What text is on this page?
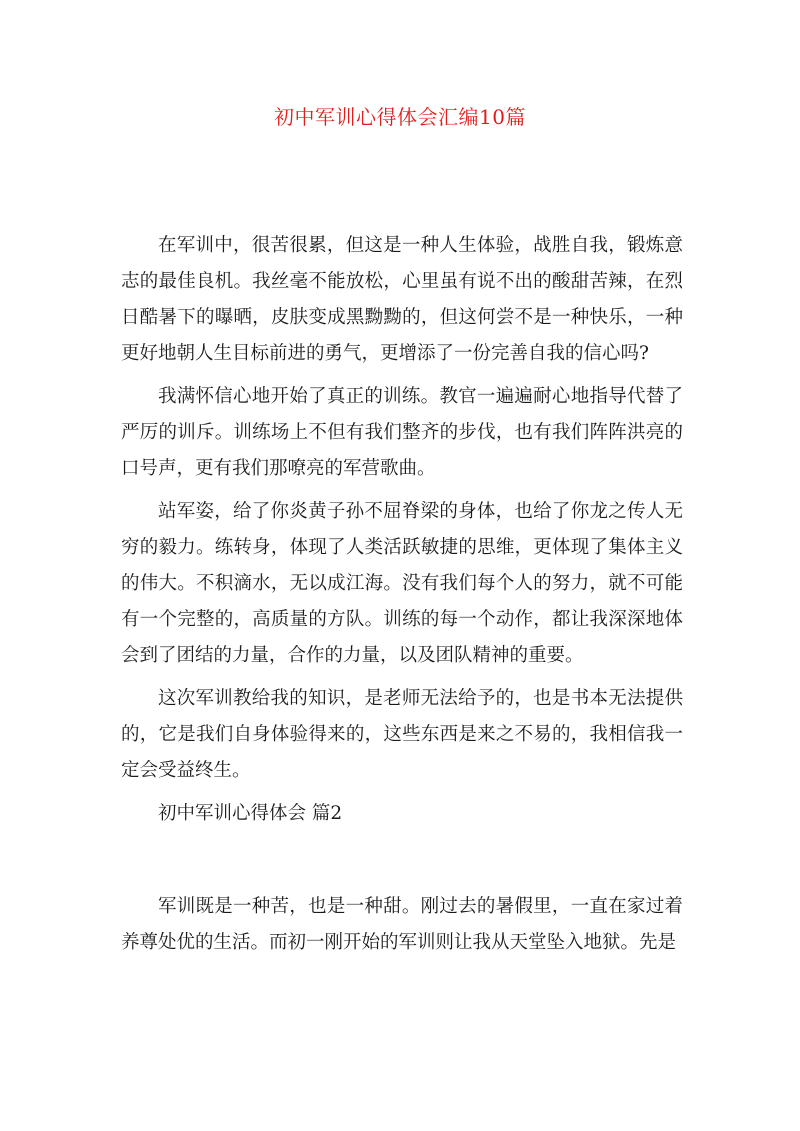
初中军训心得体会汇编10篇

在军训中，很苦很累，但这是一种人生体验，战胜自我，锻炼意志的最佳良机。我丝毫不能放松，心里虽有说不出的酸甜苦辣，在烈日酷暑下的曝晒，皮肤变成黑黝黝的，但这何尝不是一种快乐，一种更好地朝人生目标前进的勇气，更增添了一份完善自我的信心吗?

我满怀信心地开始了真正的训练。教官一遍遍耐心地指导代替了严厉的训斥。训练场上不但有我们整齐的步伐，也有我们阵阵洪亮的口号声，更有我们那嘹亮的军营歌曲。

站军姿，给了你炎黄子孙不屈脊梁的身体，也给了你龙之传人无穷的毅力。练转身，体现了人类活跃敏捷的思维，更体现了集体主义的伟大。不积滴水，无以成江海。没有我们每个人的努力，就不可能有一个完整的，高质量的方队。训练的每一个动作，都让我深深地体会到了团结的力量，合作的力量，以及团队精神的重要。

这次军训教给我的知识，是老师无法给予的，也是书本无法提供的，它是我们自身体验得来的，这些东西是来之不易的，我相信我一定会受益终生。

初中军训心得体会 篇2

军训既是一种苦，也是一种甜。刚过去的暑假里，一直在家过着养尊处优的生活。而初一刚开始的军训则让我从天堂坠入地狱。先是
